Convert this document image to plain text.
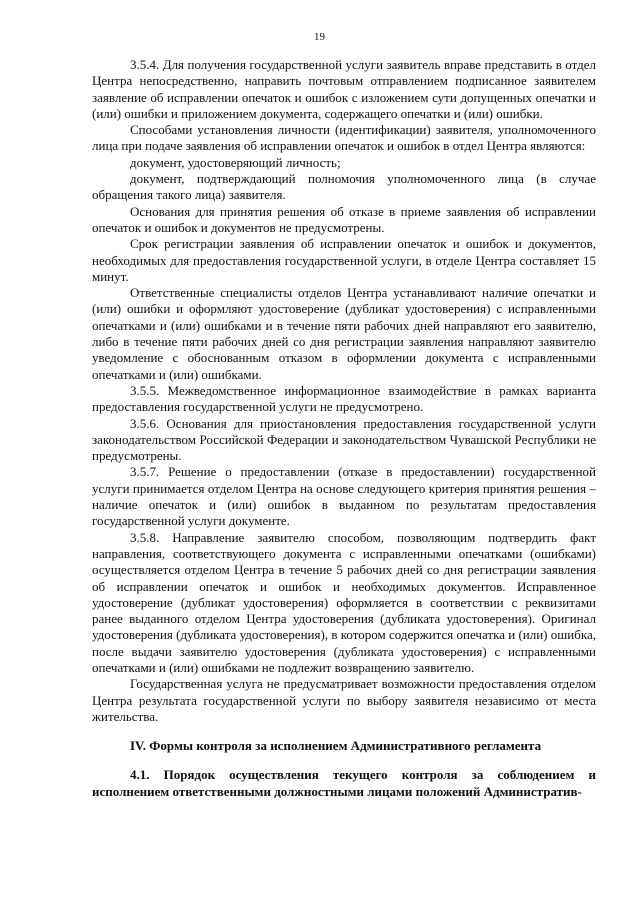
19

3.5.4. Для получения государственной услуги заявитель вправе представить в отдел Центра непосредственно, направить почтовым отправлением подписанное заявителем заявление об исправлении опечаток и ошибок с изложением сути допущенных опечатки и (или) ошибки и приложением документа, содержащего опечатки и (или) ошибки.

Способами установления личности (идентификации) заявителя, уполномоченного лица при подаче заявления об исправлении опечаток и ошибок в отдел Центра являются:

документ, удостоверяющий личность;

документ, подтверждающий полномочия уполномоченного лица (в случае обращения такого лица) заявителя.

Основания для принятия решения об отказе в приеме заявления об исправлении опечаток и ошибок и документов не предусмотрены.

Срок регистрации заявления об исправлении опечаток и ошибок и документов, необходимых для предоставления государственной услуги, в отделе Центра составляет 15 минут.

Ответственные специалисты отделов Центра устанавливают наличие опечатки и (или) ошибки и оформляют удостоверение (дубликат удостоверения) с исправленными опечатками и (или) ошибками и в течение пяти рабочих дней направляют его заявителю, либо в течение пяти рабочих дней со дня регистрации заявления направляют заявителю уведомление с обоснованным отказом в оформлении документа с исправленными опечатками и (или) ошибками.

3.5.5. Межведомственное информационное взаимодействие в рамках варианта предоставления государственной услуги не предусмотрено.

3.5.6. Основания для приостановления предоставления государственной услуги законодательством Российской Федерации и законодательством Чувашской Республики не предусмотрены.

3.5.7. Решение о предоставлении (отказе в предоставлении) государственной услуги принимается отделом Центра на основе следующего критерия принятия решения – наличие опечаток и (или) ошибок в выданном по результатам предоставления государственной услуги документе.

3.5.8. Направление заявителю способом, позволяющим подтвердить факт направления, соответствующего документа с исправленными опечатками (ошибками) осуществляется отделом Центра в течение 5 рабочих дней со дня регистрации заявления об исправлении опечаток и ошибок и необходимых документов. Исправленное удостоверение (дубликат удостоверения) оформляется в соответствии с реквизитами ранее выданного отделом Центра удостоверения (дубликата удостоверения). Оригинал удостоверения (дубликата удостоверения), в котором содержится опечатка и (или) ошибка, после выдачи заявителю удостоверения (дубликата удостоверения) с исправленными опечатками и (или) ошибками не подлежит возвращению заявителю.

Государственная услуга не предусматривает возможности предоставления отделом Центра результата государственной услуги по выбору заявителя независимо от места жительства.

IV. Формы контроля за исполнением Административного регламента

4.1. Порядок осуществления текущего контроля за соблюдением и исполнением ответственными должностными лицами положений Административ-
